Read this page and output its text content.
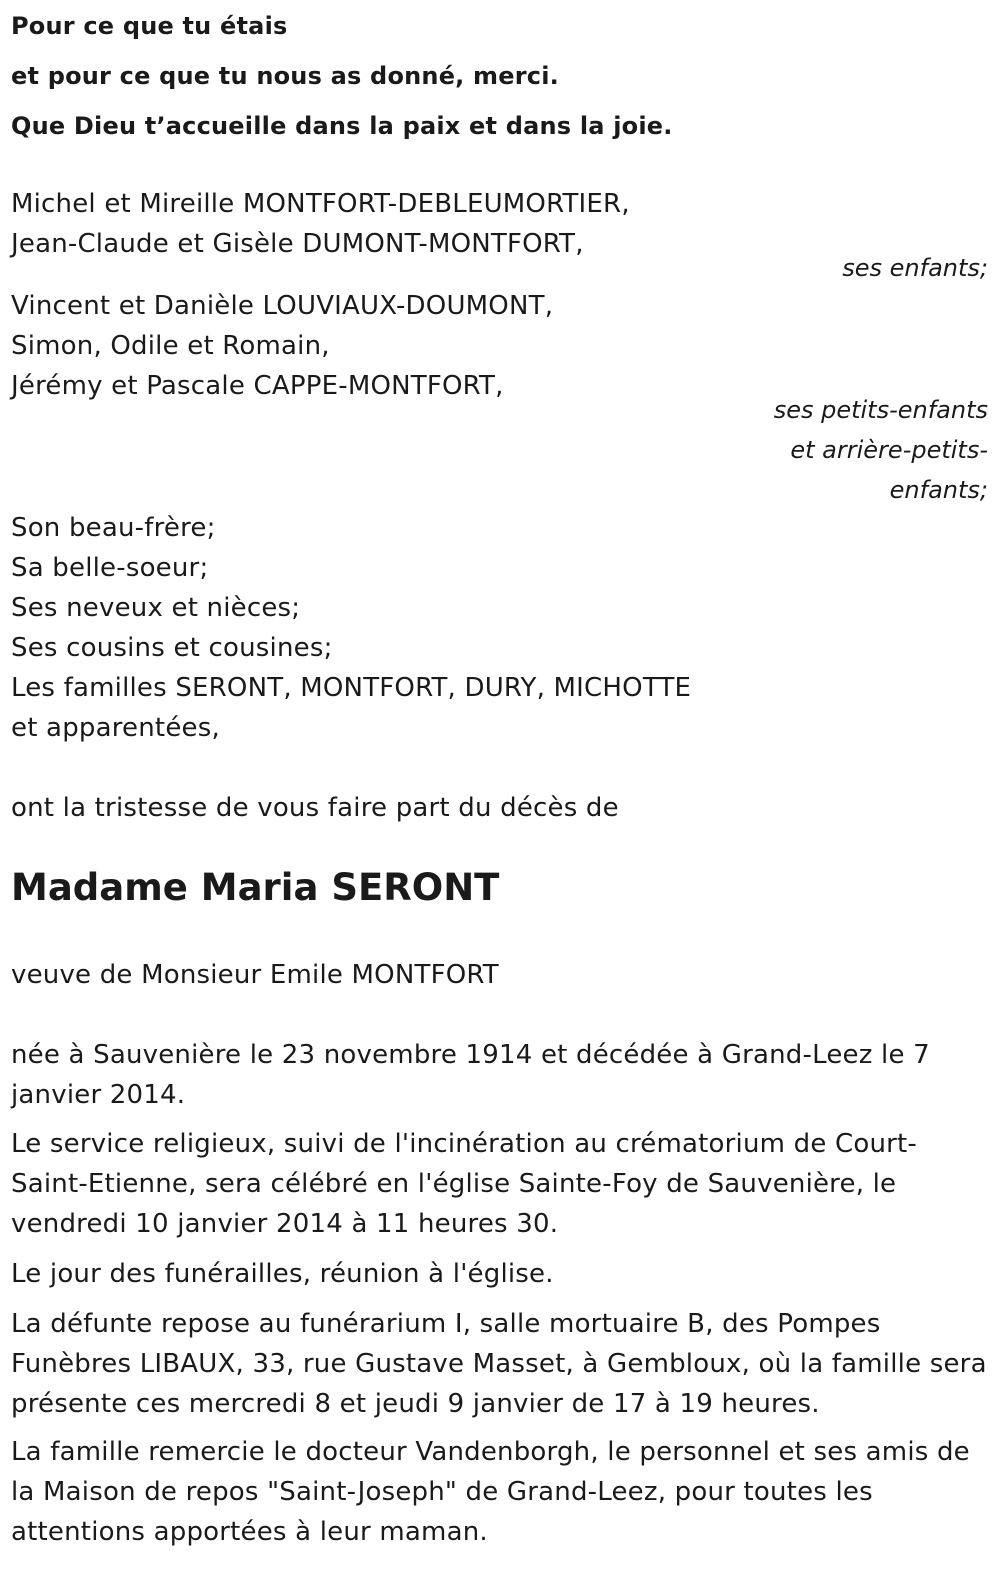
Pour ce que tu étais
et pour ce que tu nous as donné, merci.
Que Dieu t’accueille dans la paix et dans la joie.
Michel et Mireille MONTFORT-DEBLEUMORTIER,
Jean-Claude et Gisèle DUMONT-MONTFORT,
ses enfants;
Vincent et Danièle LOUVIAUX-DOUMONT,
Simon, Odile et Romain,
Jérémy et Pascale CAPPE-MONTFORT,
ses petits-enfants
et arrière-petits-
enfants;
Son beau-frère;
Sa belle-soeur;
Ses neveux et nièces;
Ses cousins et cousines;
Les familles SERONT, MONTFORT, DURY, MICHOTTE
et apparentées,
ont la tristesse de vous faire part du décès de
Madame Maria SERONT
veuve de Monsieur Emile MONTFORT
née à Sauvenière le 23 novembre 1914 et décédée à Grand-Leez le 7
janvier 2014.
Le service religieux, suivi de l'incinération au crématorium de Court-
Saint-Etienne, sera célébré en l'église Sainte-Foy de Sauvenière, le
vendredi 10 janvier 2014 à 11 heures 30.
Le jour des funérailles, réunion à l'église.
La défunte repose au funérarium I, salle mortuaire B, des Pompes
Funèbres LIBAUX, 33, rue Gustave Masset, à Gembloux, où la famille sera
présente ces mercredi 8 et jeudi 9 janvier de 17 à 19 heures.
La famille remercie le docteur Vandenborgh, le personnel et ses amis de
la Maison de repos "Saint-Joseph" de Grand-Leez, pour toutes les
attentions apportées à leur maman.
